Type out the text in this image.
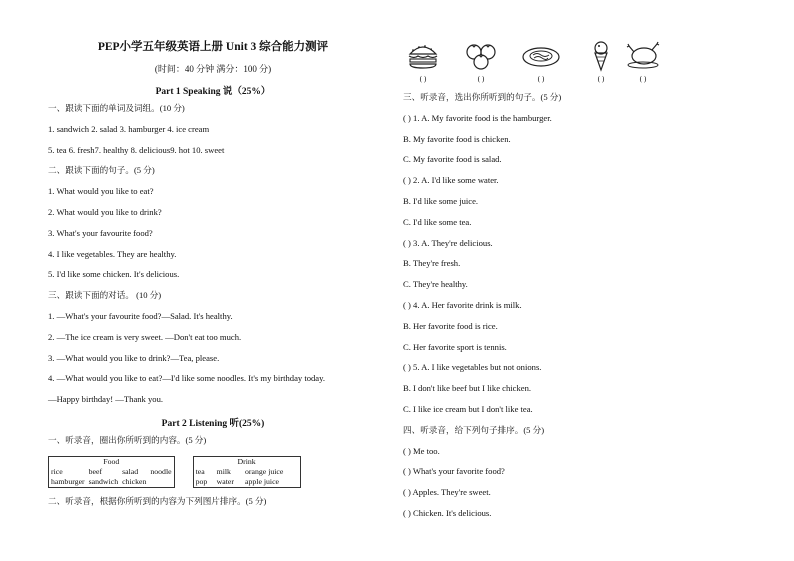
PEP小学五年级英语上册 Unit 3 综合能力测评
(时间：40 分钟 满分：100 分)
Part 1 Speaking 说（25%）
一、跟读下面的单词及词组。(10 分)
1. sandwich 2. salad 3. hamburger 4. ice cream
5. tea 6. fresh7. healthy 8. delicious9. hot 10. sweet
二、跟读下面的句子。(5 分)
1. What would you like to eat?
2. What would you like to drink?
3. What's your favourite food?
4. I like vegetables. They are healthy.
5. I'd like some chicken. It's delicious.
三、跟读下面的对话。 (10 分)
1. —What's your favourite food?—Salad. It's healthy.
2. —The ice cream is very sweet. —Don't eat too much.
3. —What would you like to drink?—Tea, please.
4. —What would you like to eat?—I'd like some noodles. It's my birthday today.
—Happy birthday! —Thank you.
Part 2 Listening 听(25%)
一、听录音，圈出你所听到的内容。(5 分)
Food			
rice	beef	salad	noodle
hamburger	sandwich	chicken	
Drink		
tea	milk	orange juice
pop	water	apple juice
二、听录音，根据你所听到的内容为下列图片排序。(5 分)
( )	( )	( )	( )	( )
三、听录音，选出你所听到的句子。(5 分)
( ) 1. A. My favorite food is the hamburger.
B. My favorite food is chicken.
C. My favorite food is salad.
( ) 2. A. I'd like some water.
B. I'd like some juice.
C. I'd like some tea.
( ) 3. A. They're delicious.
B. They're fresh.
C. They're healthy.
( ) 4. A. Her favorite drink is milk.
B. Her favorite food is rice.
C. Her favorite sport is tennis.
( ) 5. A. I like vegetables but not onions.
B. I don't like beef but I like chicken.
C. I like ice cream but I don't like tea.
四、听录音，给下列句子排序。(5 分)
( ) Me too.
( ) What's your favorite food?
( ) Apples. They're sweet.
( ) Chicken. It's delicious.
